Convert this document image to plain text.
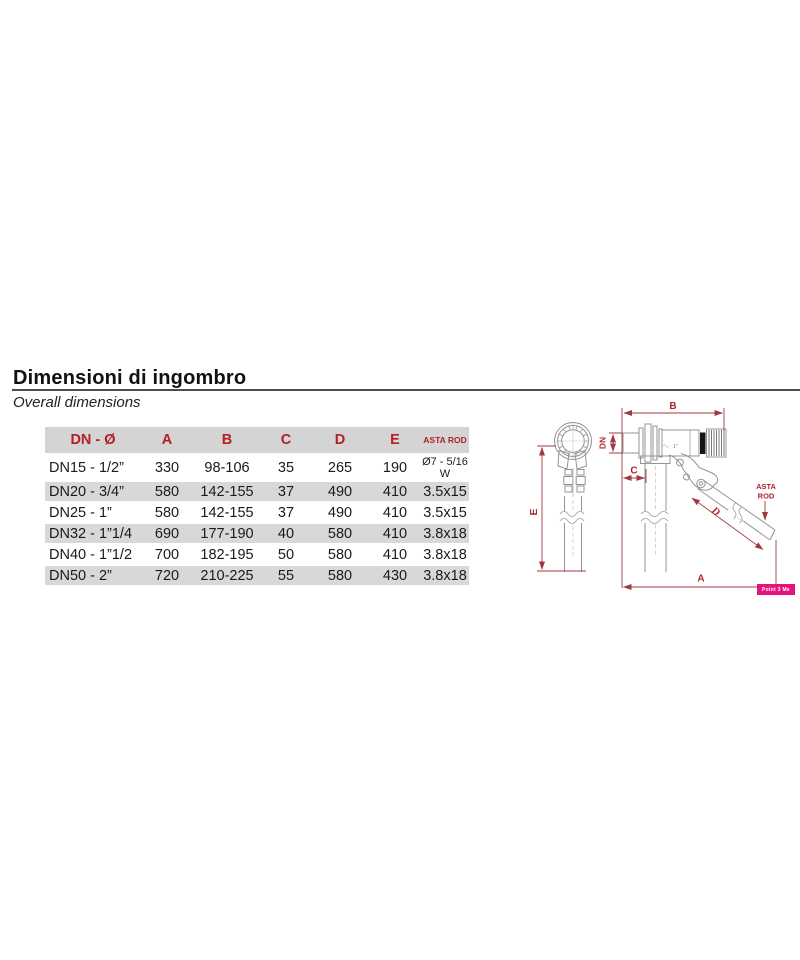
Dimensioni di ingombro
Overall dimensions
DN - Ø	A	B	C	D	E	ASTA ROD
DN15 - 1/2”	330	98-106	35	265	190	Ø7 - 5/16 W
DN20 - 3/4”	580	142-155	37	490	410	3.5x15
DN25 - 1”	580	142-155	37	490	410	3.5x15
DN32 - 1”1/4	690	177-190	40	580	410	3.8x18
DN40 - 1”1/2	700	182-195	50	580	410	3.8x18
DN50 - 2”	720	210-225	55	580	430	3.8x18
1″
B
DN
C
E	D
A
ASTA
ROD
Point 3 Me
